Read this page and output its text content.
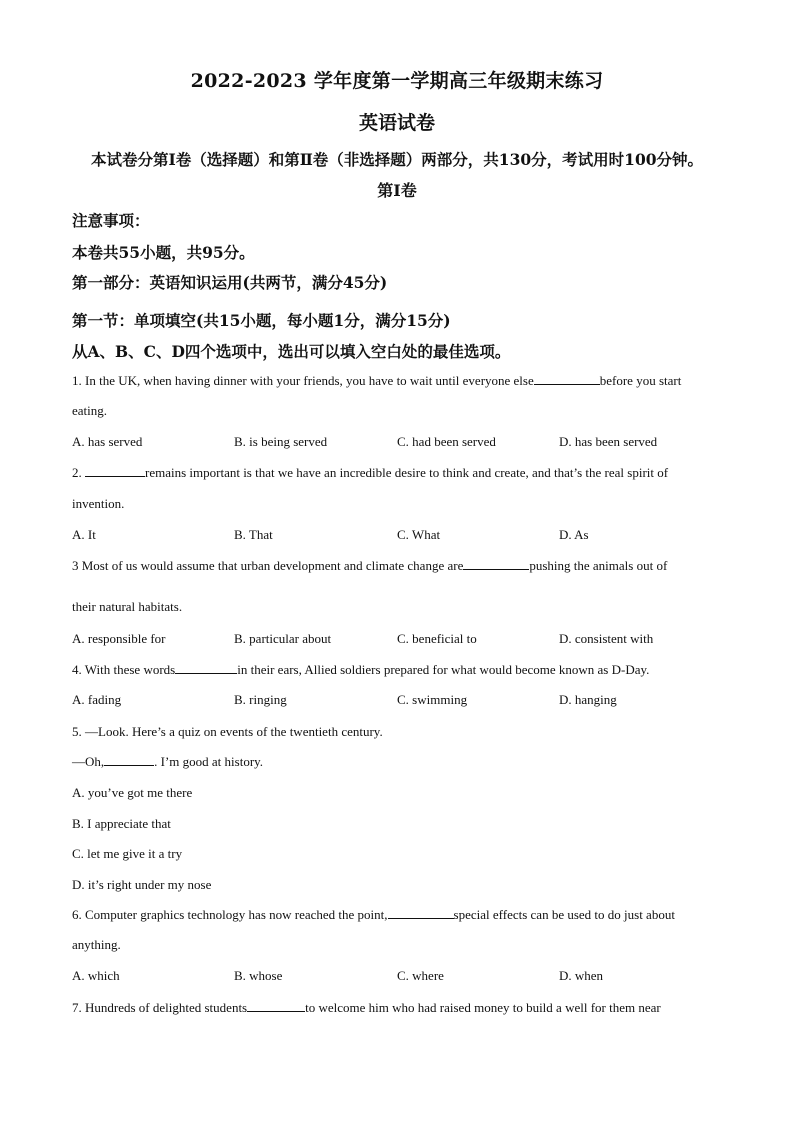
2022-2023 学年度第一学期高三年级期末练习
英语试卷
本试卷分第Ⅰ卷（选择题）和第Ⅱ卷（非选择题）两部分，共130分，考试用时100分钟。
第Ⅰ卷
注意事项：
本卷共55小题，共95分。
第一部分：英语知识运用(共两节，满分45分)
第一节：单项填空(共15小题，每小题1分，满分15分)
从A、B、C、D四个选项中，选出可以填入空白处的最佳选项。
1. In the UK, when having dinner with your friends, you have to wait until everyone else	before you start
eating.
A. has served	B. is being served	C. had been served	D. has been served
2.	remains important is that we have an incredible desire to think and create, and that’s the real spirit of
invention.
A. It	B. That	C. What	D. As
3 Most of us would assume that urban development and climate change are	pushing the animals out of
their natural habitats.
A. responsible for	B. particular about	C. beneficial to	D. consistent with
4. With these words	in their ears, Allied soldiers prepared for what would become known as D-Day.
A. fading	B. ringing	C. swimming	D. hanging
5. —Look. Here’s a quiz on events of the twentieth century.
—Oh,	. I’m good at history.
A. you’ve got me there
B. I appreciate that
C. let me give it a try
D. it’s right under my nose
6. Computer graphics technology has now reached the point,	special effects can be used to do just about
anything.
A. which	B. whose	C. where	D. when
7. Hundreds of delighted students	to welcome him who had raised money to build a well for them near
